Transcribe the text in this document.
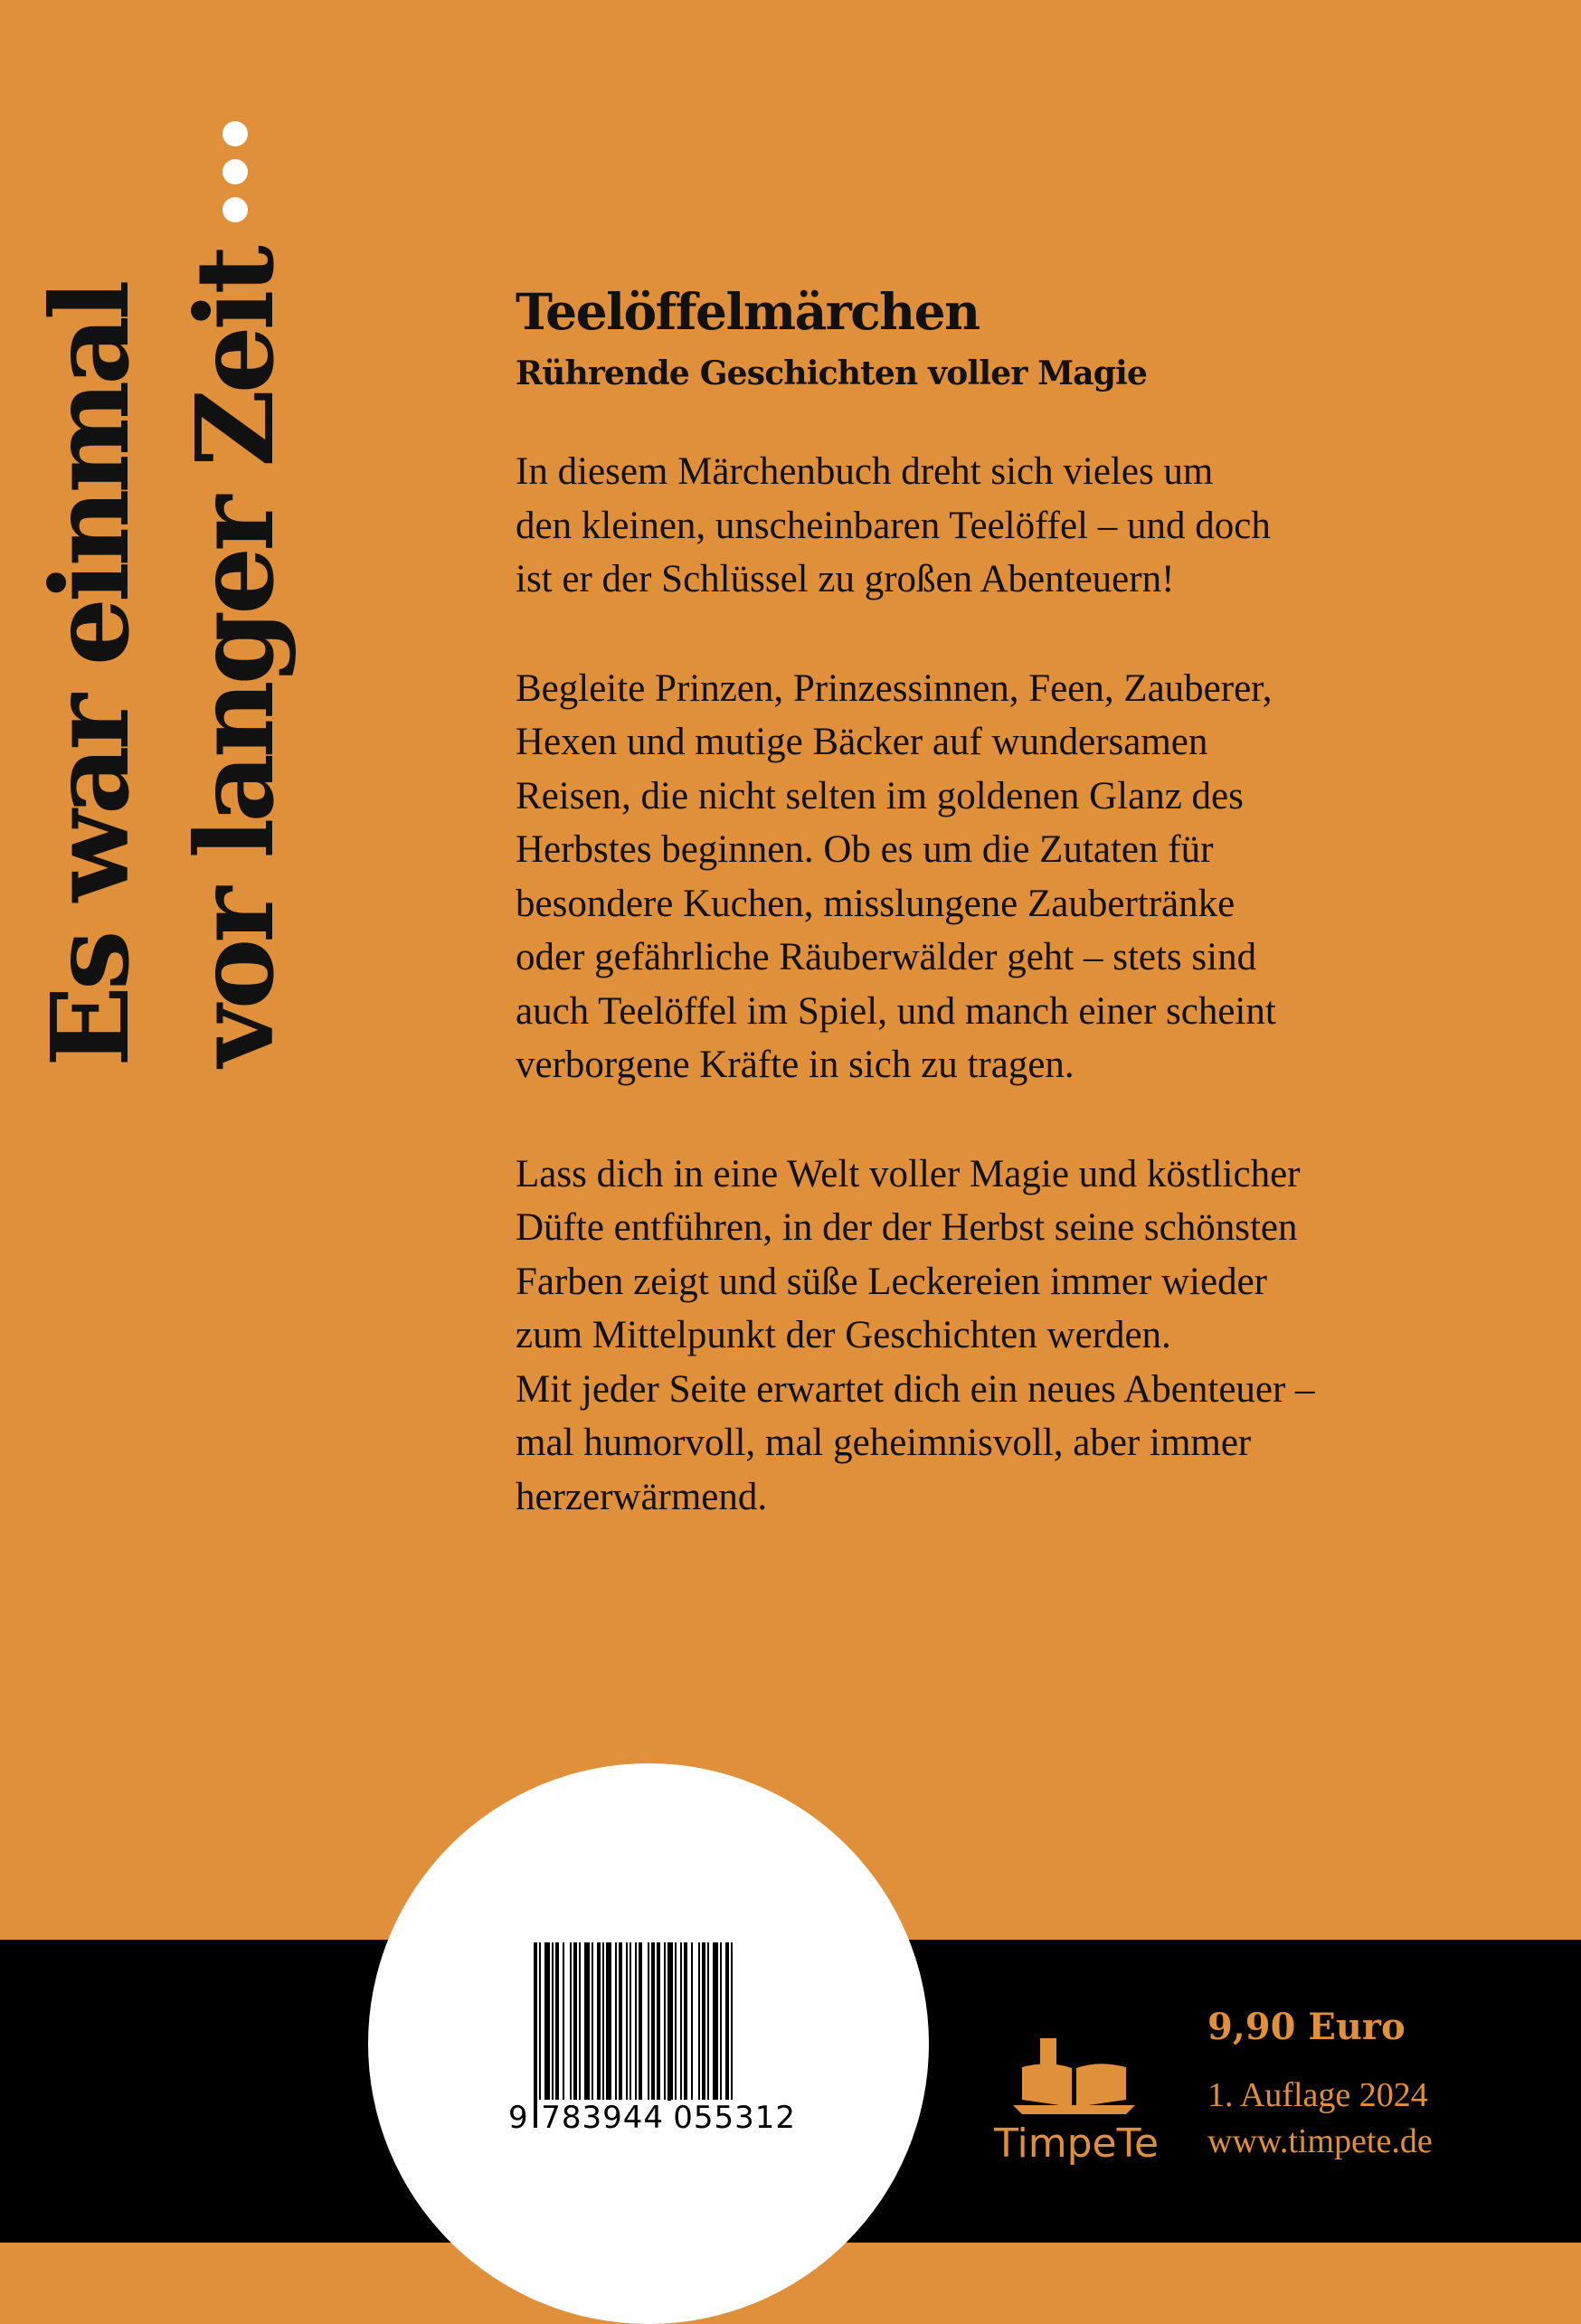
Es war einmal vor langer Zeit	Teelöffelmärchen
Rührende Geschichten voller Magie

In diesem Märchenbuch dreht sich vieles um
den kleinen, unscheinbaren Teelöffel – und doch
ist er der Schlüssel zu großen Abenteuern!

Begleite Prinzen, Prinzessinnen, Feen, Zauberer,
Hexen und mutige Bäcker auf wundersamen
Reisen, die nicht selten im goldenen Glanz des
Herbstes beginnen. Ob es um die Zutaten für
besondere Kuchen, misslungene Zaubertränke
oder gefährliche Räuberwälder geht – stets sind
auch Teelöffel im Spiel, und manch einer scheint
verborgene Kräfte in sich zu tragen.

Lass dich in eine Welt voller Magie und köstlicher
Düfte entführen, in der der Herbst seine schönsten
Farben zeigt und süße Leckereien immer wieder
zum Mittelpunkt der Geschichten werden.
Mit jeder Seite erwartet dich ein neues Abenteuer –
mal humorvoll, mal geheimnisvoll, aber immer
herzerwärmend.

9 783944 055312
TimpeTe

9,90 Euro

1. Auflage 2024

www.timpete.de
